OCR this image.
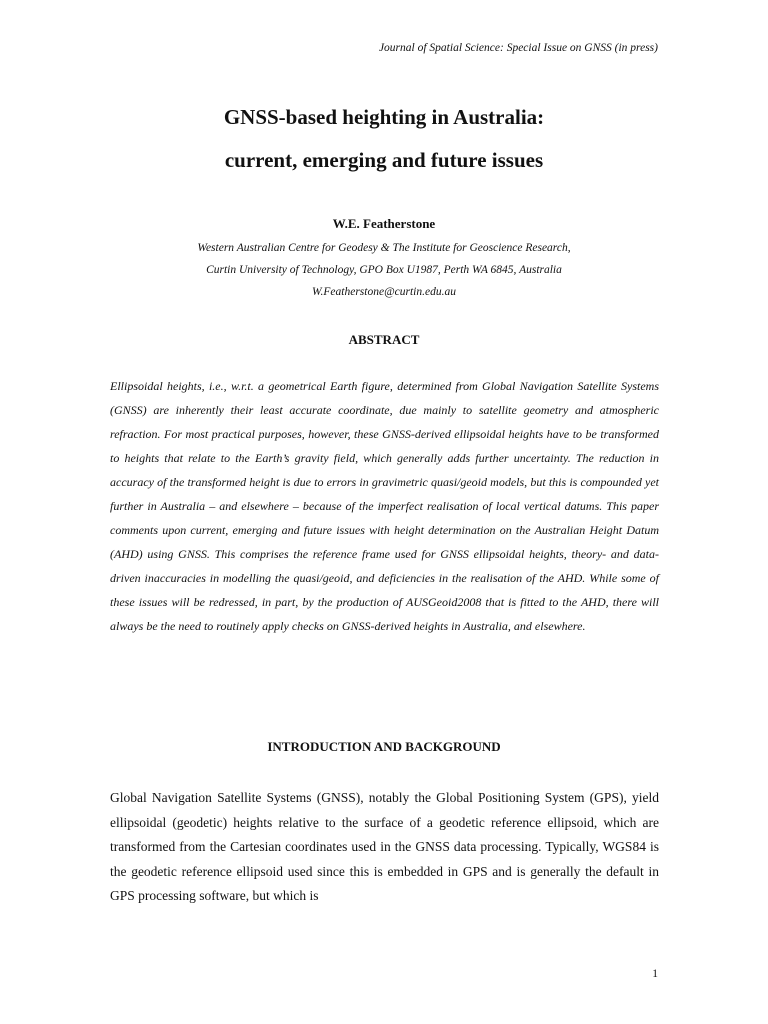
Journal of Spatial Science: Special Issue on GNSS (in press)
GNSS-based heighting in Australia:
current, emerging and future issues
W.E. Featherstone
Western Australian Centre for Geodesy & The Institute for Geoscience Research,
Curtin University of Technology, GPO Box U1987, Perth WA 6845, Australia
W.Featherstone@curtin.edu.au
ABSTRACT

Ellipsoidal heights, i.e., w.r.t. a geometrical Earth figure, determined from Global Navigation Satellite Systems (GNSS) are inherently their least accurate coordinate, due mainly to satellite geometry and atmospheric refraction. For most practical purposes, however, these GNSS-derived ellipsoidal heights have to be transformed to heights that relate to the Earth’s gravity field, which generally adds further uncertainty. The reduction in accuracy of the transformed height is due to errors in gravimetric quasi/geoid models, but this is compounded yet further in Australia – and elsewhere – because of the imperfect realisation of local vertical datums. This paper comments upon current, emerging and future issues with height determination on the Australian Height Datum (AHD) using GNSS. This comprises the reference frame used for GNSS ellipsoidal heights, theory- and data-driven inaccuracies in modelling the quasi/geoid, and deficiencies in the realisation of the AHD. While some of these issues will be redressed, in part, by the production of AUSGeoid2008 that is fitted to the AHD, there will always be the need to routinely apply checks on GNSS-derived heights in Australia, and elsewhere.

INTRODUCTION AND BACKGROUND

Global Navigation Satellite Systems (GNSS), notably the Global Positioning System (GPS), yield ellipsoidal (geodetic) heights relative to the surface of a geodetic reference ellipsoid, which are transformed from the Cartesian coordinates used in the GNSS data processing. Typically, WGS84 is the geodetic reference ellipsoid used since this is embedded in GPS and is generally the default in GPS processing software, but which is

1
